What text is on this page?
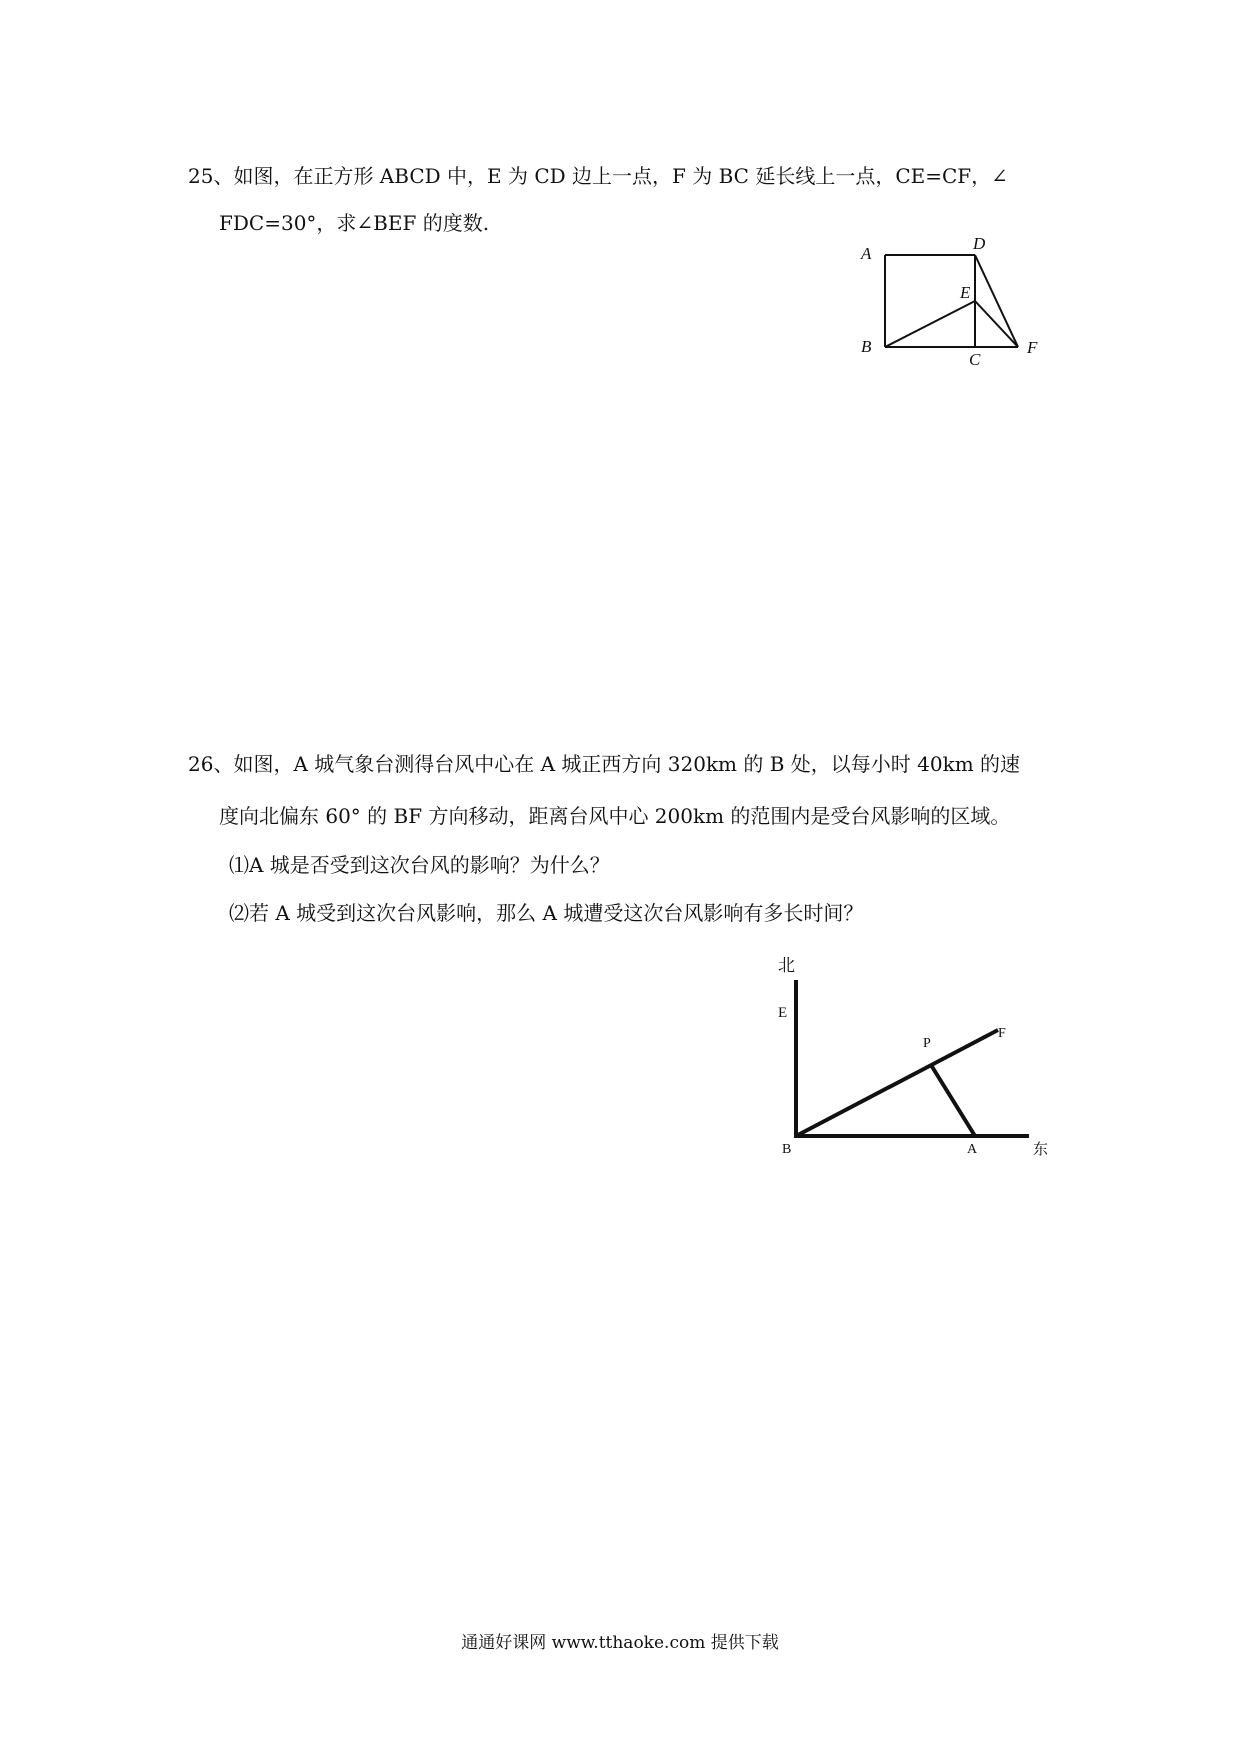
25、如图，在正方形 ABCD 中，E 为 CD 边上一点，F 为 BC 延长线上一点，CE=CF，∠
FDC=30°，求∠BEF 的度数.
A
D
E
B
C
F
26、如图，A 城气象台测得台风中心在 A 城正西方向 320km 的 B 处，以每小时 40km 的速
度向北偏东 60° 的 BF 方向移动，距离台风中心 200km 的范围内是受台风影响的区域。
⑴A 城是否受到这次台风的影响？为什么？
⑵若 A 城受到这次台风影响，那么 A 城遭受这次台风影响有多长时间？
北
E
P
F
B	A	东
通通好课网 www.tthaoke.com 提供下载
